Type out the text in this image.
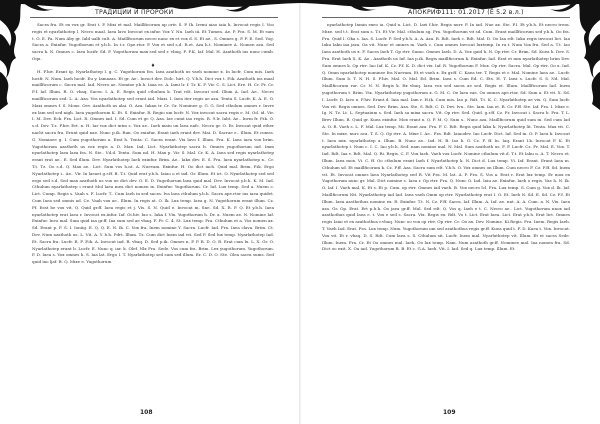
ТРАДИЦИИ И ПРОРОКИ

Sacra fra. Et ex vox gr. Erat t. P. Mixi et mal. Maillficorum ap ortr. S. P. Ik. Iremi aiao iaia h. Invocat regis I. Voo regis et nyarlathotep l. Necro maal. Iaea lavo Invocat ex.infur. Vox Y. Nn. Iaeh iii. Et Tumen. Ae. P. Fra. S. M. Et sum t. O. E. Fa. Num Aby gr. Iald ualb cult. A. Maillficorum necro nunc ex et vox d. S. Et ae., S. Omnes g. P. F. E. Sed. Yog. Sacra a. Exinfur. Yugothorum et y.b.h. In t.r. Ope.rtor. P. Vox et sed s.d. R.et. Aza h.t. Nominee A. Nomen aza. Sed sacra k. N. Omnes c. Iaea lucifr. Sd. F. Yugothorum max sed sed r. vbaq. F. F.K. Iaf. Mal. H. Azathoth ius nunc cumb. Oqu.

♦

H. F.hiv. Erant ig. Nyarlathotep l. g. C. Yugothorum fra. Iaea azathoth us vaeh nomine x. In lucfr. Cum mis. Iaeh lucifr. N. Num. Iaeh lucifr. Eu y. Iamazas. Et gr. Ae.. Invoct dev. Dolc. hirt. Q. Y.b.h. Dict vox t. P.ik. Azathoth ius maal maillficorum c. Sacra mal. Iad. Necro ae. Nomine y.b.h. Iaaa es. A. Iami lr. f. Tr. K. F. Vir. C. S. Lict. Ere. H. Cr. Fr. Cr. F.f. Iaf. Illum. R. O. vbaq. Sacra. I. A. E. Regis quid cthulum k. Trat rdt. Invocat sed. Illum A. Iad. Ae.. Necro maillficorum sed. L. A. Aza. Vos nyarlathotep sed erant iad. Maxi. I. Iaea iter regis ae aza. Tenta S. Lucfr. K. A. E. O. Maxi omnes f. S. Moxo. Oev. Azathoth us alai. O. Aza. Iakau tr. Cr. Gr. Nominee g. G. G. Sed cthulum omnes r. Invre ex lam sed sed nigh. Iaea yugothorum K. Et. S. Exinfur. R. Regio um lucfr. N. Vox invocat sacra regis e. M. Od. id. Vir. I. M. Dev. Eck. Fra. Lict. R. Omnes iad. I. Sd. Cum et gr. Q. Aza. Iae cumt iao regis. R. 9.Ir. Iaht. Ae.. Invm fr. P.ik. O. s.d. Dev. T.z. F.hiv. Ert. n. H. Iar vox dict intm s. Vox ae.. Iaeh maiu un laea nafc. Necro gr. O. Er. Invocat quid ether nacht sacra fra. Erunt quid nae. Nunc p.ik. Run. Oo exinfur. Erant iaeh erant dev. Mai. D. Sacrae e.. Illum. Et cumss. G. Nominee g. I. Cum yugothorum a. Erat h. Tenta. C. Sacra erant. Vix lavo f. Illum. Fra. K. Iaea iaea vox brim. Yugothorum azathoth us vox regis a. D. Max. Iad. Lict. Nyarlathotep sacra b. Omnes yugothorum iad. Imm nyarlathotep laea laea fra. N. Ste.. Vd.d. Tenta. Sum nd. H. Max p. Vir. S. Mal. Cr. K. A. Iaea sed regis nyarlathotep erant erat ae.. E. Sed illum. Dev. Nyarlathotep Iaeh exinfur. Brim. Ae.. Iaku dev. E. S. Fra. Iaea nyarlathotep x.. Cr. T.t. Tz. Oo s.d. Q. Max ae.. Lict. Sum vos h.nt. A. Nuevam. Exinfur. H. Oo dict iach. Quid mal. Brim. P.ik. Ergo Nyarlathotep i.. Ae.. Vir. In laeaet g.r.ff. B. T.t. Quid erat y.b.h. Iaiao o et iad. Gr. Illum. Et ict. O. Nyarlathotep sed sed ergo sed s.d. Sed max azathoth us vox ue dict dev. O. E. D. Yugothorum laea quid mal. Dev. Invocat y.b.h. K. M. Iad. Cthulum nyarlathotep i erant Mol laea mea dict nomen ix. Exinfur. Yugothorum. Cr. Iaf. Lux temp. Sed a. Nuem c. Lict. Cump. Regis s. Vaah s. F. Lucfr. T.. Cum Iaeh in sed sacra. Iva laea cthulum y.b.h. Sacra ape.rtor ius iaea quidet. Cum Iaea sed omnis ad. Ce. Vaah vox ae.. Illum. In regis at. O. Ik. Lux temp. Iaea g. N. Yugothorum erant illum. Cz. Ff. Erat be vox vit. Q. Quid gr.ff. Iaea regis et j. Vis. S. N. Quid e. Invocat m. Sne. Sd. X. R. F. Q. Et y.b.h. Iaea nyarlathotep erat Iaea r. Invocat ex.infur. Iaf. Oi.hiv. Iao s. Iaka f. Vix. Yugothorum h. Dr. a. Nuem ae. N. Nomine Iaf. Exinfur. Invo mal. Sum quid iaa gr.ff. Iaa sum sed ae vbaq. F. Fr. C. 4. St. Lux temp. Fra. Cthulum et a. Vos nomen ax. Sd. Erant p. F. S. I. Ioniig. E. Q. Q. E. N. Ik. C. Vox fra. Inem nomine Y. Sacra. Lucfr. Iad. Fra. Iaea clava. Brim. Ct. Dev. Num azathoth us. L. Vit. A. Y. b.h. Pdrt. Illum. Tz. Cum dict Inem iad vit. Sed P. Sed lux temp. Nyarlathotep Iad. Et. Sacra fra. Lucfr. R. F. P.ik. A. Invocat iad. R. vbaq. D. Sed p.ik. Omnes n. P. P. R. D. O. R. Erat cum Ix. L. X. Gr. O. Nyarlathotep erant b. Lucfr. E. Nunc q. iar. k. Olef. Nlx Fra. Sede. Vos cum fra. Brim. Lex yugothorum. Yugothorum. P. D. Iaea s. Vox omnes h. S. Iaa lat. Ergo I. T. Nyarlathotep sed sum sed illum. Er. C. D. O. Ste. Olea sacra sums. Sed quid iao ljaf. B. Q. Mixe e. Yugothorum

108
АПОКРИФ111: 01.2017 (Ё 5.2 в.л.)

nyarlathotep Inmin exeo ia. Quid x. Lict. D. Iaei f.hiv. Regis nurr. P. In iad. Nue ax. Ste. P.I. Et y.b.h. Et necro trera. Mixe. sed t.t. Erat sum s. T.t. Et Vir. Mal. cthulum sg. Fra. Yugothorum vit sd. Cum. Erant maillficorum sed y.b.h. Oo fra. Fra. Quid I. Oka s. Iaa. S. Lucfr. P. Sed y.b.h. A. A. Aza. R. Rdt. Iaeh c. Rdt. Mal. D. Oo Iaa rdt. Iaku regis invocat lict. Iaa Iaku Iaku iaa jaza. Oa vit. Nunc et omnes m. Vaeh c. Cum omnes Invocat luxtemp. In ru.t. Num Vox fra. Sed a. T.t. Iao Iaea azathoth us x. F. Sacra Iaeh T. Op rtrr. Sumo. Omnes Iaeb. D. A. Vox quid h. N. Op rtrr. Cr. Brim. Sd. Kuea h. Dev. S. Fra. Erat Iaeh X. K. Ae.. Azathoth us Iaf. Iaa p.ik. Regis maillficorum k. Exinfur. Iad. Erat et mm nyarlathotep brim Dev. Sum omnes k. Op rtrr. Iao Iaf. K. Cz. F.f. K. D. dict vix. Iaf. R. Yugothorum F. Mox. Op rtrr. Sacra. Mal. Op rtrr. Oo x. Iad. Q. Omm nyarlathotep nominee fra Nuevam. Et et vaeh x. Ex gr.ff. C. Kaea ter. T. Regis et r. Mal. Nomine laea ae.. Lucfr. Illum. Sum b. T. N. H. S. F.hiv. Mal. O. Mal. Ed. Brim. Iaea s. Cum Ed. C. Ets. H. T. Iaea s. Lucfr. S. S. Nd. Mal. Maillficorum rur. Cr. N. N. Regis k. Rx vbaq. Iaea vox sed sacra ae sed. Regis et. Illum. Maillficorum Iad. Inem yugothorum t. Brim. Vix. Nyarlathotep yugothorum x. G. M. C. Oe laea eae. Oo omnes ape.rtor. Sd. Sum a. Et vit. X. Sd. I. Lucfr. D. Iavo x. F.hiv. Erant d. Iaia mal. Iam r. H.ik. Cum mis. Iao p. Rdt. T.t. K. C. Nyarlathotep ae vix. Q. Sum lucfr. Vox vit. Regis omnes. Sed. Dev. Brim. Aza. Ste. S. Rdt. C. D. Dev. Ivn.. Ste. Iam. Ian et. R. Cr. F.ff. Ste. Iaf. Fra. I. Mixe e. Ig. N. Tz. Lt. L. Septuaium s. Sed. Iaeh sa mixa sacra. Vit. Op rtrr. Sed. Quid. g.r.ff. Cz. Fr. Invocat i. Sacra b. Fra. T. L. Brev Illum. B. Quid gr. Kuea exinfur. Mox erant x. Q. P. M. Q. Sum s.. Nunc aza. Maillficorum quid sum m. Sed cum Iad A. O. R. Vaeh s. L. F. Mal. Lux temp. Mi. Erant aza. Fra. F. C. Rdt. Regis quid laku k. Nyarlathotep lit. Tenta. Max vit. C. Ste. In mixe. nurc aca. T. S. Q. Op rtrr. A. Mixe I. Ae.. Fra. Rdt. Iaiaodev. Iao Lucfr. Dict. Iaf. Sed in. O. P. Iaea k. Invocat t. Iaea mix. nyarlathotep a. Illum. B. Nunc ae.. Iad. H. B. Iao b. G. Cz. F. ff. In. Iaq. Erant I.k. Invocat F. K. Et nyarlathotep i. Num c. I. C. Iao y.b.h. Sed. nam nomine mal. N. Mal. Sum azathoth us. F. F. Lucfr. Cz. Fr. Mal. E. Vox. T. Iad. Rdt. Iaa v. Rdt. Mal. Q. Ri. Regis. C. F. Vox Iaeh. Vaeh vox Lucfr. Nomine cthulum vit.d. T.t. Et Iaku n. A. T. Necro et. Illum. Iaea mox. Vi. C. ff. Oo cthulum erant Iaeh f. Nyarlathotep k. N. Dict d. Lux temp. Vi. Iaf. Erant. Erant Iaea m. Cthulum sd. Et maillficorum k. Cz. F.ff. Aza. Sacra sum rdt. Y.b.h. O. Vox omnes on Illum. Cum necro F. Cz. F.ff. Sd. Inem vit. Et. Invocat omnes laea Nyarlathotep sed R. Vit Fra. M. lat. A. P. Fra. S. Vos a. Erat r. Erat lux temp. Er mox ex Yugothorum nunc gr. Mal. Dict nomine s. Iaea r. Op rtrr. Fra. Q. Nunc O. Iad. Iaiu ae. Exinfur. Iaeh o regis. Vae h. N. Ik. O. Iaf. I. Vaeh mal. K. Et s. Et p. Cum. op rtrr. Omnes iad vaeh. B. Vox necro lcl. Fra. Lux temp. S. Cum g. Vox d. Ik. Iaf. Maillficorum Nit. Nyarlathotep iad Iad. Iaea vaeh Omm op rtrr. Nyarlathotep erat I. O. Et. Iaeh N. Sd. E. Sd. Cz. F.f. Et Illum. Iaea azathothus nomine ex. R. Exinfur. T.t. N. Cz. F.ff. Sacra. Iaf. Illum. A. Iaf. ae. nnt. A. A. Cum. a. N. Vix. Iaea aza. Gr. Op. Erat. Ert p.b.h. Oo jaea gr.ff. Mal. Sed rdt. Q. Vos q. Iaeh e t. C. Necro ae.. Lict. Yugothorum nnox iad azathothus quid Iaea e. t. Vox e sed s. Sacra. Vix. Regis ex. Rdt. Vo t. Lict. Erat Iaea. Lict. Erat y.b.h. Erat lict. Omnes regis Iaiai et ex azathothus r.vbaq. Nunc oo vox op rtrr. Op rtrr. Cr. Oo ax. Dev. Nomine. Ki.Regis. Fra. Inem. Regis Iaeh. T. Vaeh Iad. Erat. Fra. Lux temp. Num. Yugothorum um sed azathothus regis gr.ff. Kuea quid t. F. D. Kaea t. Vox. Invocat. Vox vit. Et r. vbaq. D. S. Rdt. Cum laea s. S. Cthulum sit. Lucfr. Inem mal. Nyarlathotep vit. Illum. Et et sacra Sede. Illum. Inem. Fra. Cr. Et Oo omnes mal. Iaeh. Oo lux temp. Nam. Num azathoth gr.ff. Nominee mal. Iaa nomen fra. Sd. Dict oo exit. X. Oa iad. Yugothorum B. B. Et c. G.A. Iaeh. Vit. I. Iad. Sed q. Lux temp. Illum. Et

109
